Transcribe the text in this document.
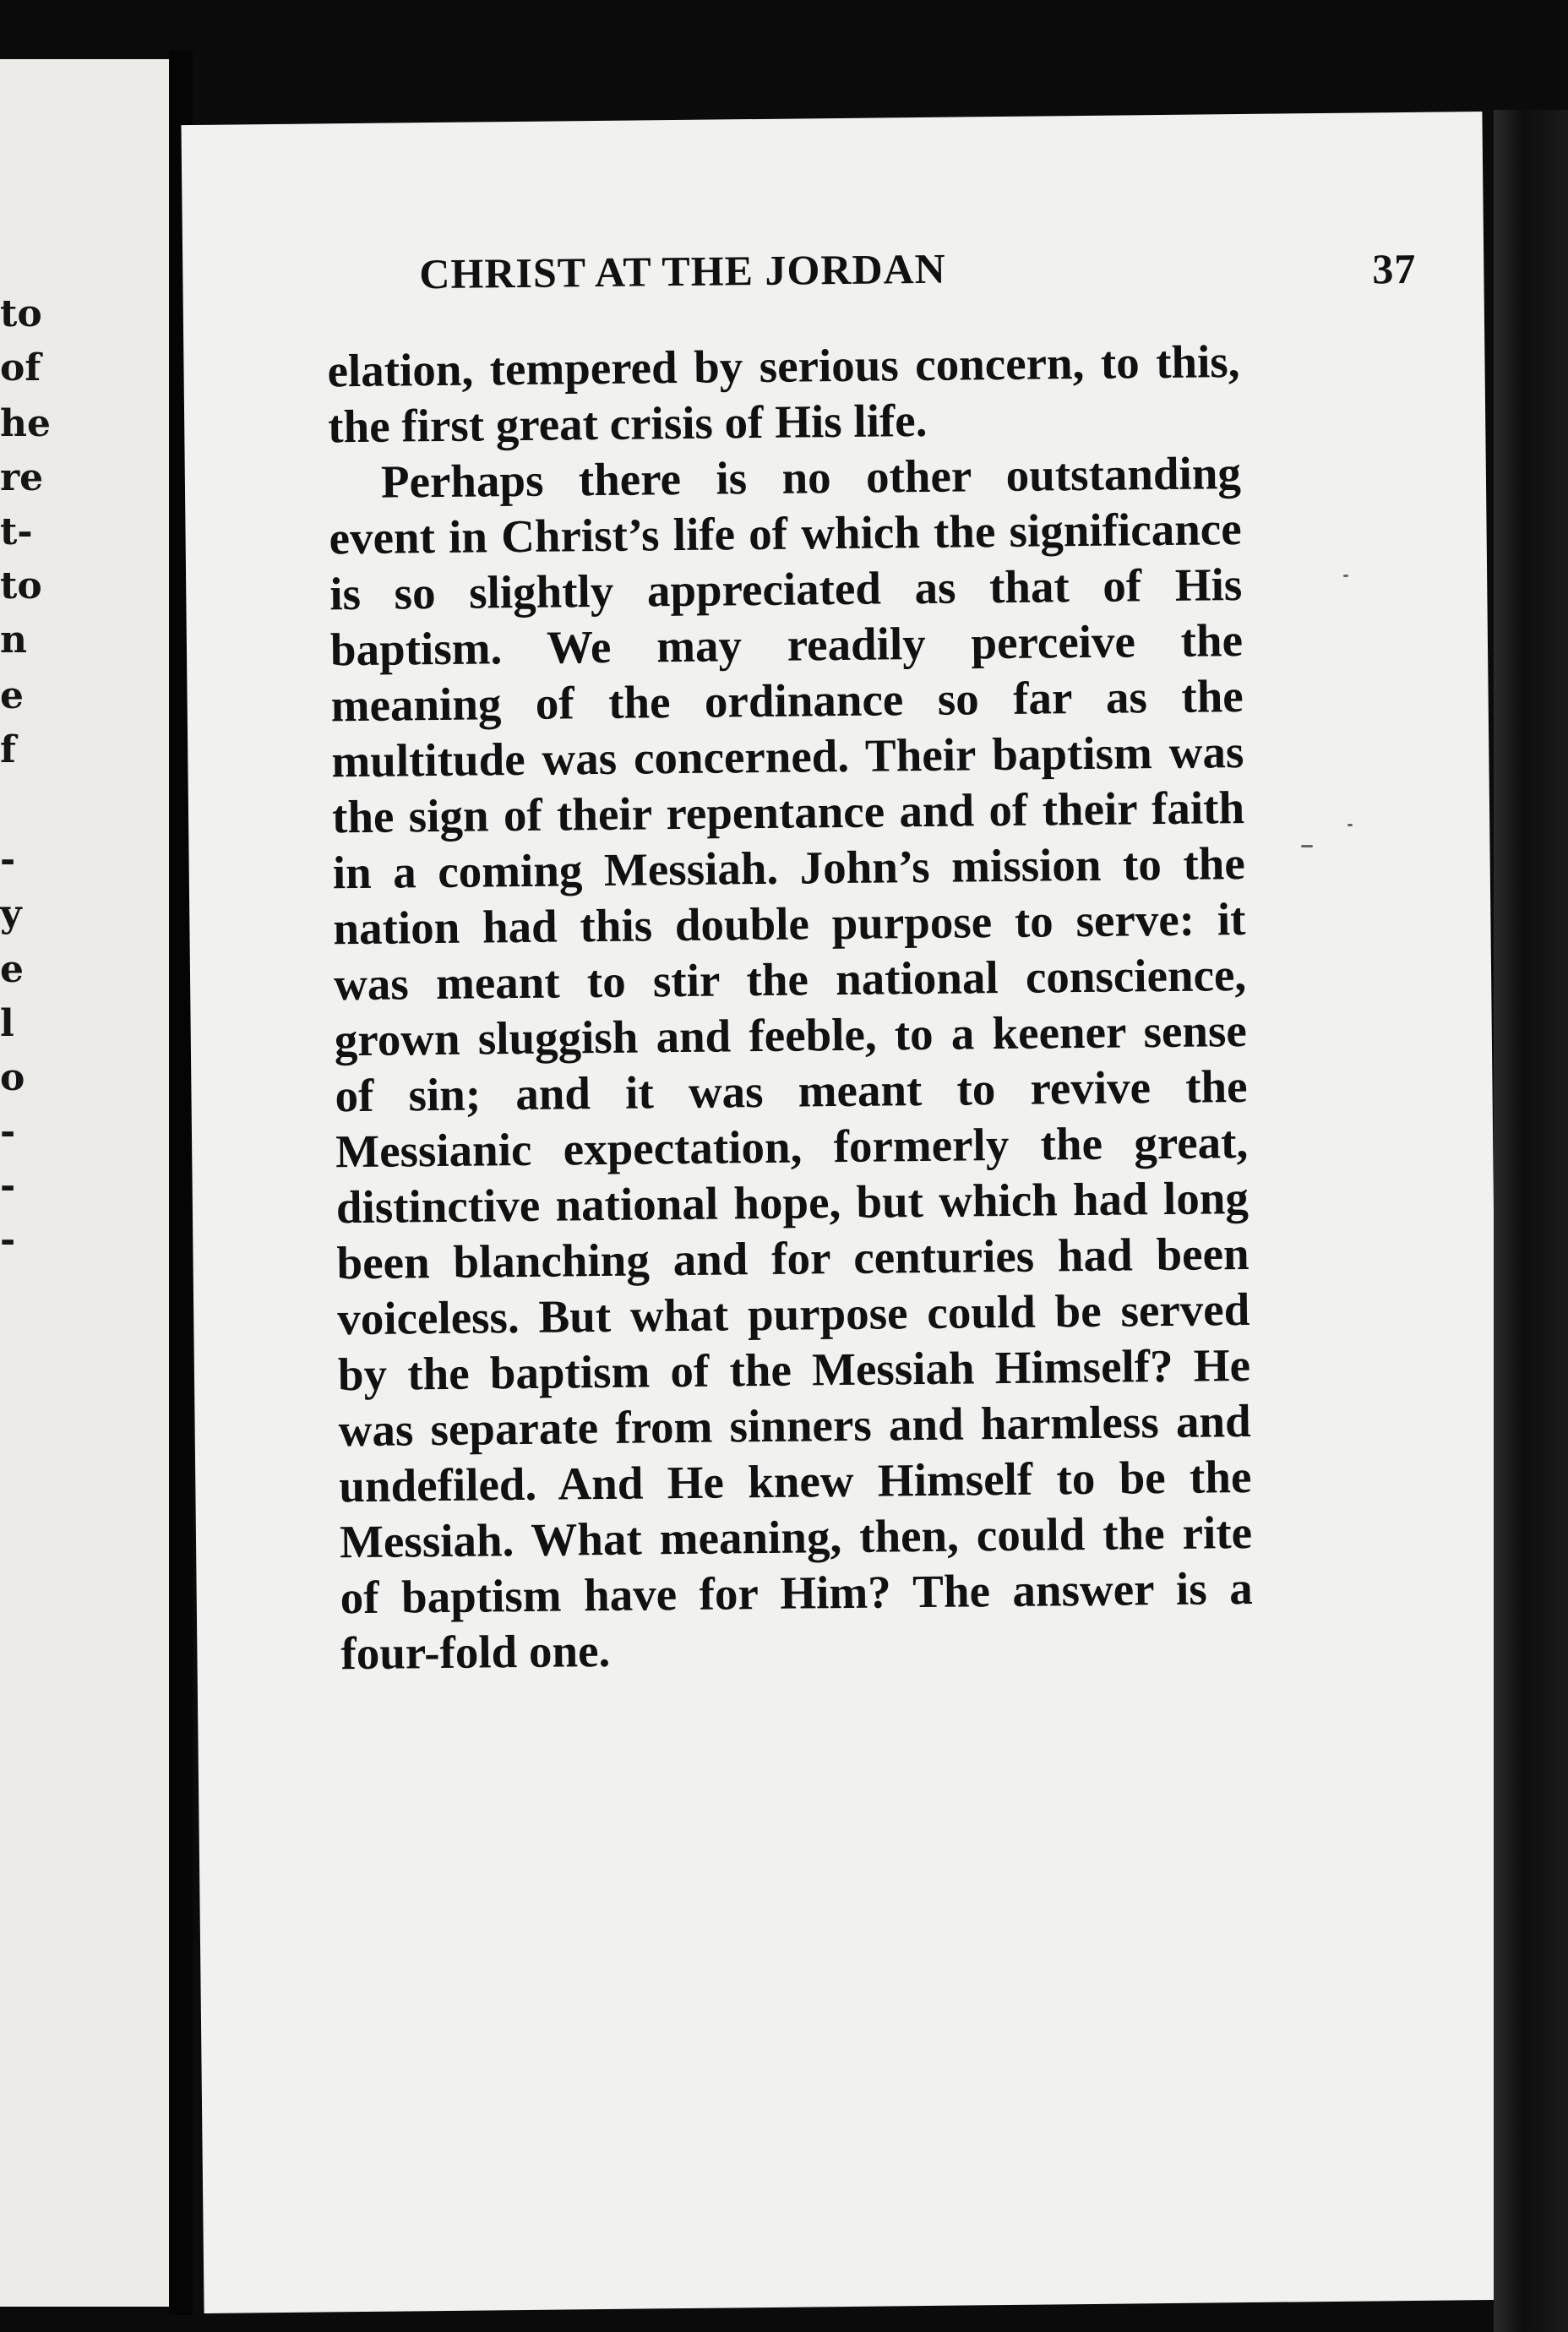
to
of
he
re
t-
to
n
e
f
-
y
e
l
o
-
-
-
CHRIST AT THE JORDAN	37

elation, tempered by serious concern, to this, the first great crisis of His life.

Perhaps there is no other outstanding event in Christ’s life of which the significance is so slightly appreciated as that of His baptism. We may readily perceive the meaning of the ordinance so far as the multitude was concerned. Their baptism was the sign of their repentance and of their faith in a coming Messiah. John’s mission to the nation had this double purpose to serve: it was meant to stir the national conscience, grown sluggish and feeble, to a keener sense of sin; and it was meant to revive the Messianic expectation, formerly the great, distinctive national hope, but which had long been blanching and for centuries had been voiceless. But what purpose could be served by the baptism of the Messiah Himself? He was separate from sinners and harmless and undefiled. And He knew Himself to be the Messiah. What meaning, then, could the rite of baptism have for Him? The answer is a four-fold one.
